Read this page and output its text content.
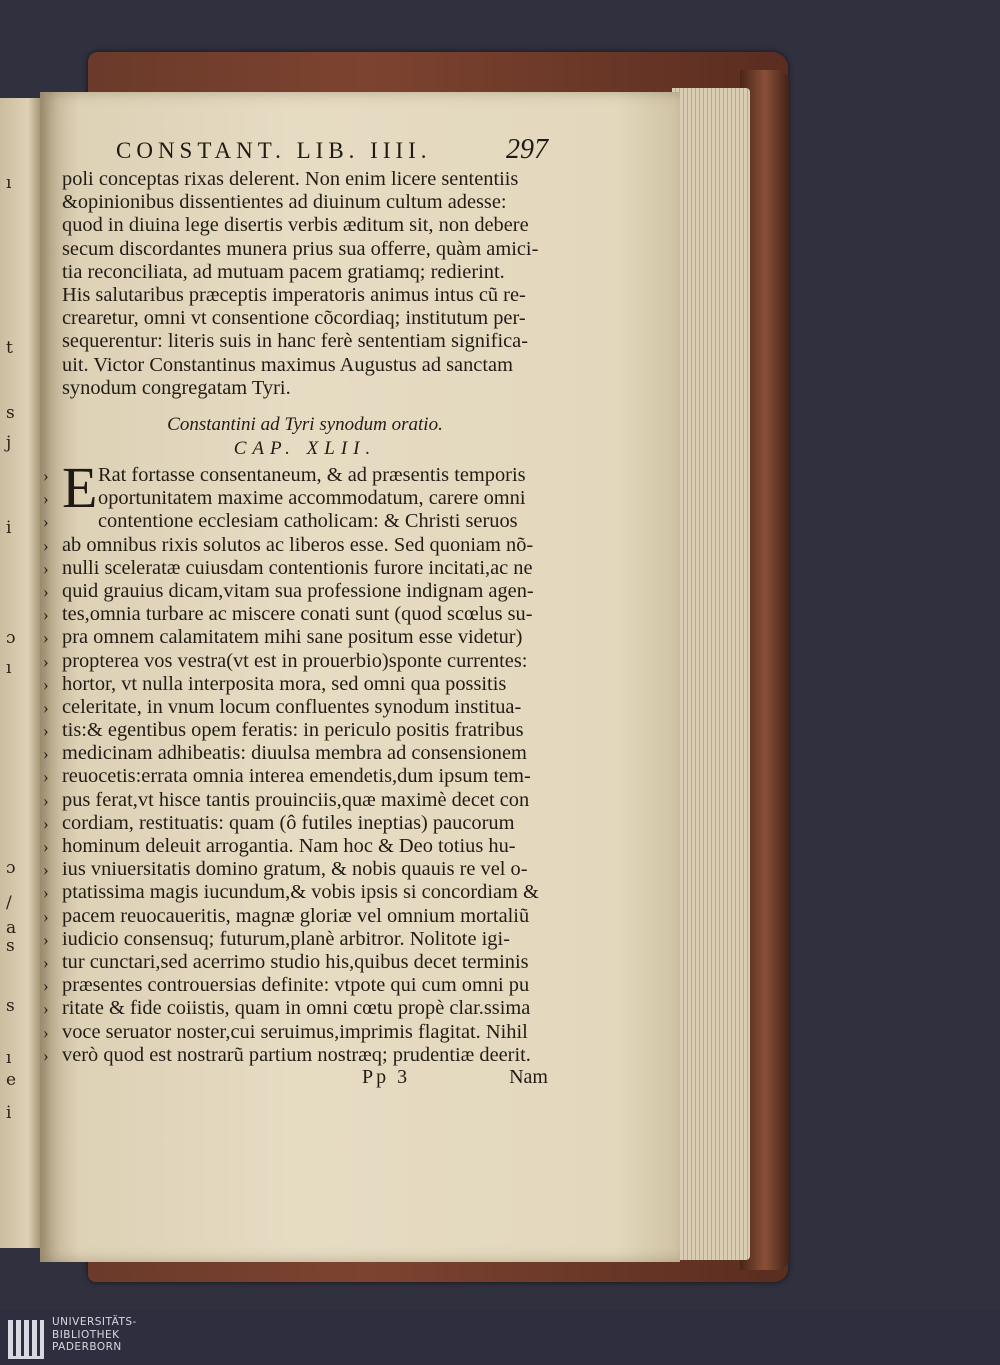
ı
t
s
j
i
ɔ
ı
ɔ
/
a
s
s
ı
e
i
CONSTANT. LIB. IIII.	297
poli conceptas rixas delerent. Non enim licere sententiis
&opinionibus dissentientes ad diuinum cultum adesse:
quod in diuina lege disertis verbis æditum sit, non debere
secum discordantes munera prius sua offerre, quàm amici-
tia reconciliata, ad mutuam pacem gratiamq; redierint.
His salutaribus præceptis imperatoris animus intus cũ re-
crearetur, omni vt consentione cõcordiaq; institutum per-
sequerentur: literis suis in hanc ferè sententiam significa-
uit. Victor Constantinus maximus Augustus ad sanctam
synodum congregatam Tyri.
Constantini ad Tyri synodum oratio.
CAP. XLII.
›
›
›
›
›
›
›
›
›
›
›
›
›
›
›
›
›
›
›
›
›
›
›
›
›
›
E Rat fortasse consentaneum, & ad præsentis temporis
oportunitatem maxime accommodatum, carere omni
contentione ecclesiam catholicam: & Christi seruos
ab omnibus rixis solutos ac liberos esse. Sed quoniam nõ-
nulli sceleratæ cuiusdam contentionis furore incitati,ac ne
quid grauius dicam,vitam sua professione indignam agen-
tes,omnia turbare ac miscere conati sunt (quod scœlus su-
pra omnem calamitatem mihi sane positum esse videtur)
propterea vos vestra(vt est in prouerbio)sponte currentes:
hortor, vt nulla interposita mora, sed omni qua possitis
celeritate, in vnum locum confluentes synodum institua-
tis:& egentibus opem feratis: in periculo positis fratribus
medicinam adhibeatis: diuulsa membra ad consensionem
reuocetis:errata omnia interea emendetis,dum ipsum tem-
pus ferat,vt hisce tantis prouinciis,quæ maximè decet con
cordiam, restituatis: quam (ô futiles ineptias) paucorum
hominum deleuit arrogantia. Nam hoc & Deo totius hu-
ius vniuersitatis domino gratum, & nobis quauis re vel o-
ptatissima magis iucundum,& vobis ipsis si concordiam &
pacem reuocaueritis, magnæ gloriæ vel omnium mortaliũ
iudicio consensuq; futurum,planè arbitror. Nolitote igi-
tur cunctari,sed acerrimo studio his,quibus decet terminis
præsentes controuersias definite: vtpote qui cum omni pu
ritate & fide coiistis, quam in omni cœtu propè clar.ssima
voce seruator noster,cui seruimus,imprimis flagitat. Nihil
verò quod est nostrarũ partium nostræq; prudentiæ deerit.
Pp 3	Nam
UNIVERSITÄTS-
BIBLIOTHEK
PADERBORN
